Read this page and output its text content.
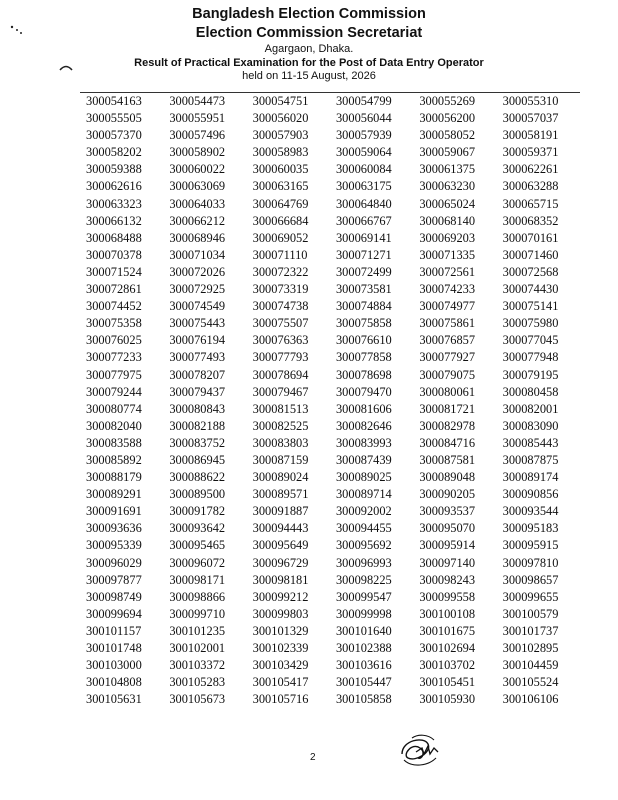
Bangladesh Election Commission
Election Commission Secretariat
Agargaon, Dhaka.
Result of Practical Examination for the Post of Data Entry Operator
held on 11-15 August, 2026
300054163	300054473	300054751	300054799	300055269	300055310
300055505	300055951	300056020	300056044	300056200	300057037
300057370	300057496	300057903	300057939	300058052	300058191
300058202	300058902	300058983	300059064	300059067	300059371
300059388	300060022	300060035	300060084	300061375	300062261
300062616	300063069	300063165	300063175	300063230	300063288
300063323	300064033	300064769	300064840	300065024	300065715
300066132	300066212	300066684	300066767	300068140	300068352
300068488	300068946	300069052	300069141	300069203	300070161
300070378	300071034	300071110	300071271	300071335	300071460
300071524	300072026	300072322	300072499	300072561	300072568
300072861	300072925	300073319	300073581	300074233	300074430
300074452	300074549	300074738	300074884	300074977	300075141
300075358	300075443	300075507	300075858	300075861	300075980
300076025	300076194	300076363	300076610	300076857	300077045
300077233	300077493	300077793	300077858	300077927	300077948
300077975	300078207	300078694	300078698	300079075	300079195
300079244	300079437	300079467	300079470	300080061	300080458
300080774	300080843	300081513	300081606	300081721	300082001
300082040	300082188	300082525	300082646	300082978	300083090
300083588	300083752	300083803	300083993	300084716	300085443
300085892	300086945	300087159	300087439	300087581	300087875
300088179	300088622	300089024	300089025	300089048	300089174
300089291	300089500	300089571	300089714	300090205	300090856
300091691	300091782	300091887	300092002	300093537	300093544
300093636	300093642	300094443	300094455	300095070	300095183
300095339	300095465	300095649	300095692	300095914	300095915
300096029	300096072	300096729	300096993	300097140	300097810
300097877	300098171	300098181	300098225	300098243	300098657
300098749	300098866	300099212	300099547	300099558	300099655
300099694	300099710	300099803	300099998	300100108	300100579
300101157	300101235	300101329	300101640	300101675	300101737
300101748	300102001	300102339	300102388	300102694	300102895
300103000	300103372	300103429	300103616	300103702	300104459
300104808	300105283	300105417	300105447	300105451	300105524
300105631	300105673	300105716	300105858	300105930	300106106
2
